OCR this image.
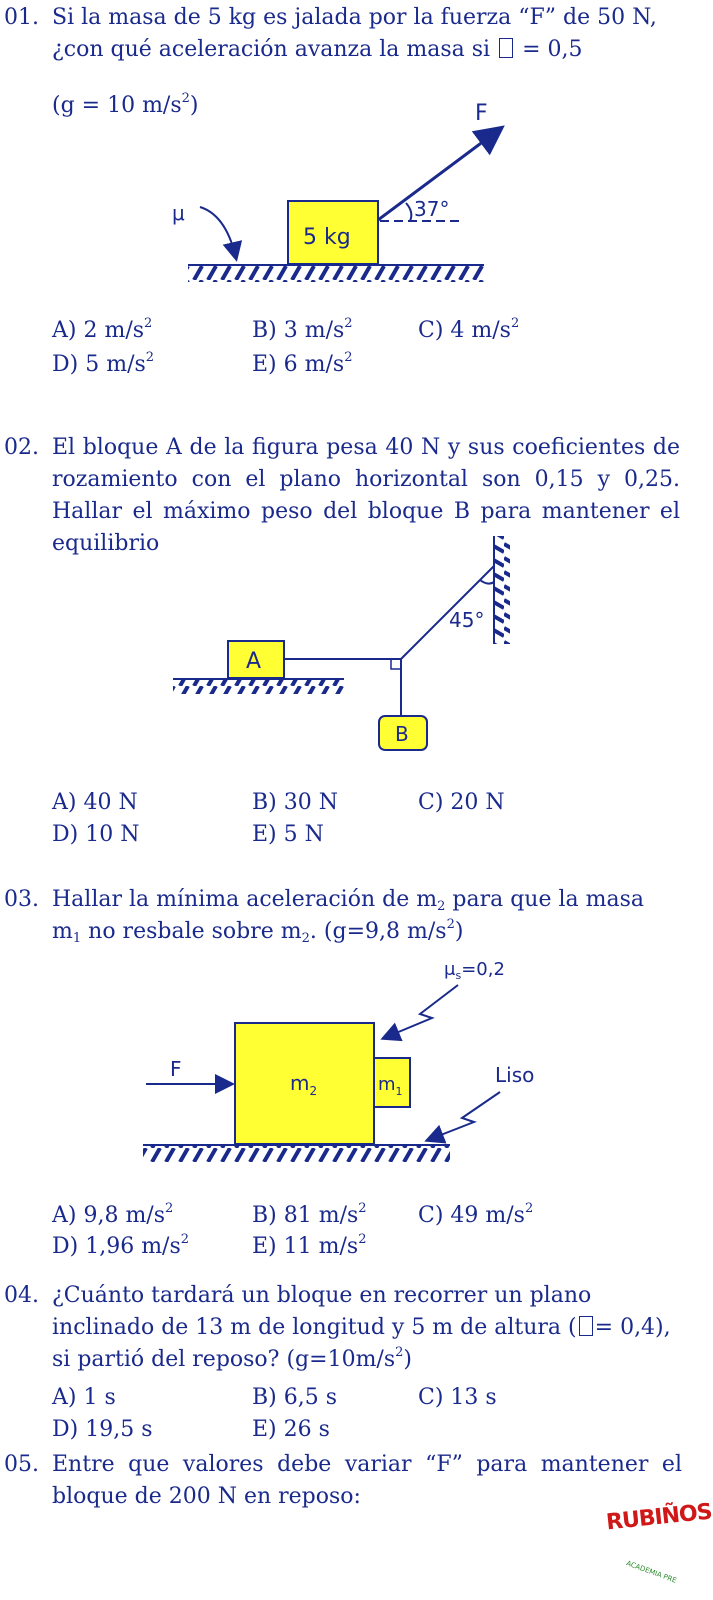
01. Si la masa de 5 kg es jalada por la fuerza “F” de 50 N,
¿con qué aceleración avanza la masa si = 0,5
(g = 10 $m/s^2$)
5 kg
F
37°
μ
A) 2 $m/s^2$	B) 3 $m/s^2$	C) 4 $m/s^2$
D) 5 $m/s^2$	E) 6 $m/s^2$
02. El bloque A de la figura pesa 40 N y sus coeficientes de rozamiento con el plano horizontal son 0,15 y 0,25. Hallar el máximo peso del bloque B para mantener el equilibrio
A
45°
B
A) 40 N	B) 30 N	C) 20 N
D) 10 N	E) 5 N
03. Hallar la mínima aceleración de $m_2$ para que la masa
$m_1$ no resbale sobre $m_2$. (g=9,8 $m/s^2$)
$m_2$	$m_1$
F
$\mu_s=0,2$
Liso
A) 9,8 $m/s^2$	B) 81 $m/s^2$ C) 49 $m/s^2$
D) 1,96 $m/s^2$	E) 11 $m/s^2$
04. ¿Cuánto tardará un bloque en recorrer un plano
inclinado de 13 m de longitud y 5 m de altura ( = 0,4),
si partió del reposo? $(g=10m/s^2)$
A) 1 s	B) 6,5 s	C) 13 s
D) 19,5 s	E) 26 s
05. Entre que valores debe variar “F” para mantener el bloque de 200 N en reposo:
RUBIÑOS
ACADEMIA PRE
